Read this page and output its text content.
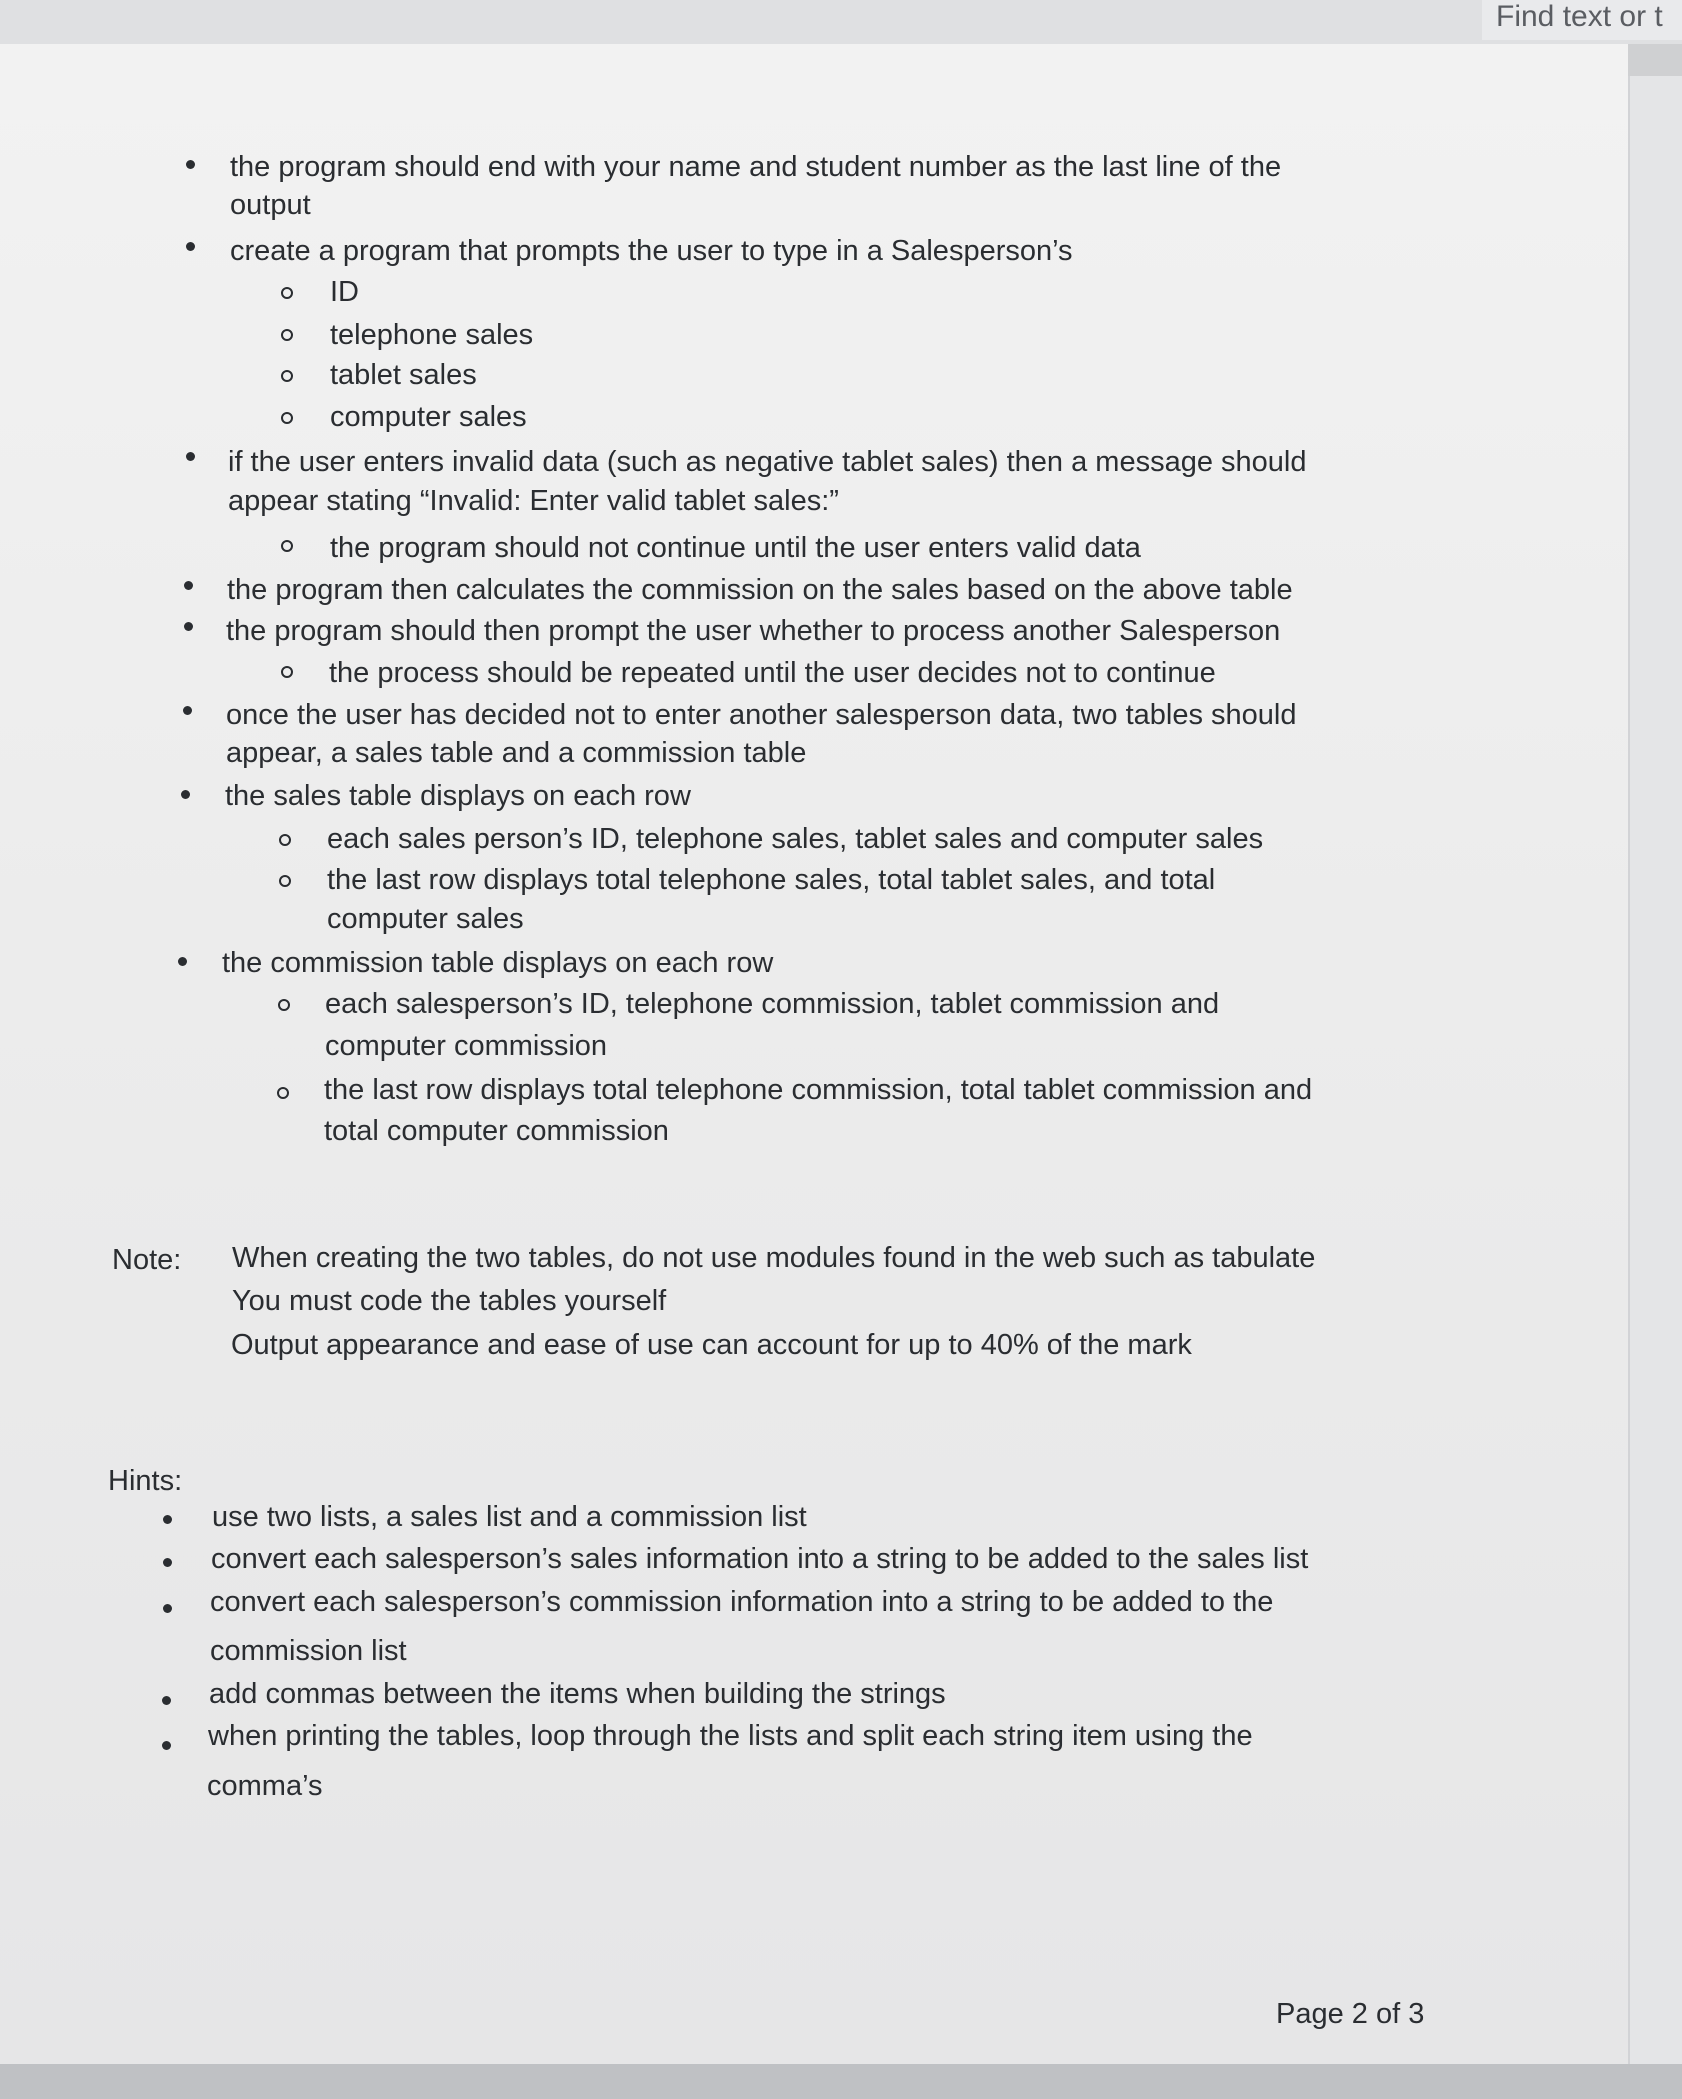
Find text or t
the program should end with your name and student number as the last line of the
output
create a program that prompts the user to type in a Salesperson’s
ID
telephone sales
tablet sales
computer sales
if the user enters invalid data (such as negative tablet sales) then a message should
appear stating “Invalid: Enter valid tablet sales:”
the program should not continue until the user enters valid data
the program then calculates the commission on the sales based on the above table
the program should then prompt the user whether to process another Salesperson
the process should be repeated until the user decides not to continue
once the user has decided not to enter another salesperson data, two tables should
appear, a sales table and a commission table
the sales table displays on each row
each sales person’s ID, telephone sales, tablet sales and computer sales
the last row displays total telephone sales, total tablet sales, and total
computer sales
the commission table displays on each row
each salesperson’s ID, telephone commission, tablet commission and
computer commission
the last row displays total telephone commission, total tablet commission and
total computer commission
Note: When creating the two tables, do not use modules found in the web such as tabulate
You must code the tables yourself
Output appearance and ease of use can account for up to 40% of the mark
Hints:
use two lists, a sales list and a commission list
convert each salesperson’s sales information into a string to be added to the sales list
convert each salesperson’s commission information into a string to be added to the
commission list
add commas between the items when building the strings
when printing the tables, loop through the lists and split each string item using the
comma’s
Page 2 of 3
